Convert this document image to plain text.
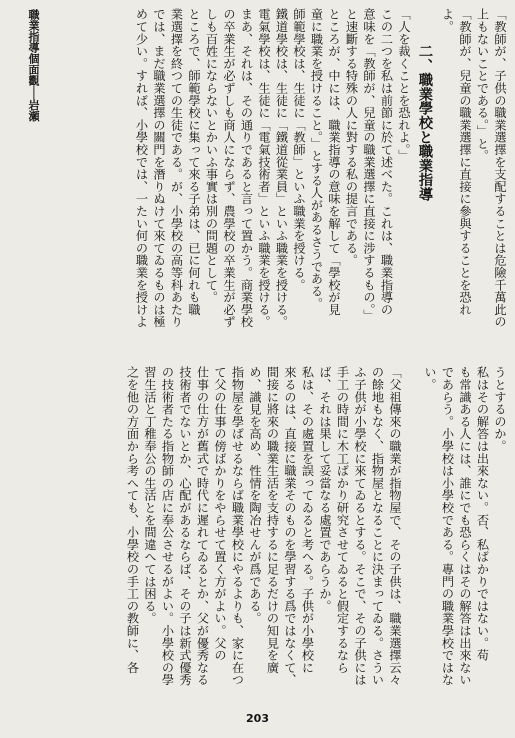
職業指導個面觀──岩瀬	「教師が、子供の職業選擇を支配することは危險千萬此の
上もないことである。」と。
「教師が、兒童の職業選擇に直接に參與することを恐れ
よ。
二、職業學校と職業指導
「人を裁くことを恐れよ。」
この二つを私は前節に於て述べた。これは、職業指導の
意味を「教師が、兒童の職業選擇に直接に涉するもの。」
と速斷する特殊の人に對する私の提言である。
ところが、中には、職業指導の意味を解して「學校が見
童に職業を授けること。」とする人があるさうである。
師範學校は、生徒に「教師」といふ職業を授ける。
鐵道學校は、生徒に「鐵道從業員」といふ職業を授ける。
電氣學校は、生徒に「電氣技術者」といふ職業を授ける。
まあ、それは、その通りであると言って置かう。商業學校
の卒業生が必ずしも商人にならず、農學校の卒業生が必ず
しも百姓にならないとかいふ事實は別の問題として。
ところで、師範學校に集って來る子弟は、已に何れも職
業選擇を終つての生徒である。が、小學校の高等科あたり
では、まだ職業選擇の關門を潛りぬけて來てゐるものは極
めて少い。すれば、小學校では、一たい何の職業を授けよ
うとするのか。
私はその解答は出來ない。否、私ばかりではない。苟
も常識ある人には、誰にでも恐らくはその解答は出來ない
であらう。小學校は小學校である。專門の職業學校ではな
い。

「父祖傳來の職業が指物屋で、その子供は、職業選擇云々
の餘地もなく、指物屋となることに決まってゐる。さうい
ふ子供が小學校に來てゐるとする。そこで、その子供には
手工の時間に木工ばかり研究させてゐると假定するなら
ば、それは果して妥當なる處置であらうか。
私は、その處置を誤ってゐると考へる。子供が小學校に
來るのは、直接に職業そのものを學習する爲ではなくて、
間接に將來の職業生活を支持するに足るだけの知見を廣
め、識見を高め、性情を陶冶せんが爲である。
指物屋を學ばせるならば職業學校にやるよりも、家に在つ
て父の仕事の傍ばかりをやらせて置く方がよい。父の
仕事の仕方が舊式で時代に遲れてゐるとか、父が優秀なる
技術者でないとか、心配があるならば、その子は新式優秀
の技術者たる指物師の店に奉公させるがよい。小學校の學
習生活と丁稚奉公の生活とを間違へては困る。
之を他の方面から考へても、小學校の手工の教師に、各
203
